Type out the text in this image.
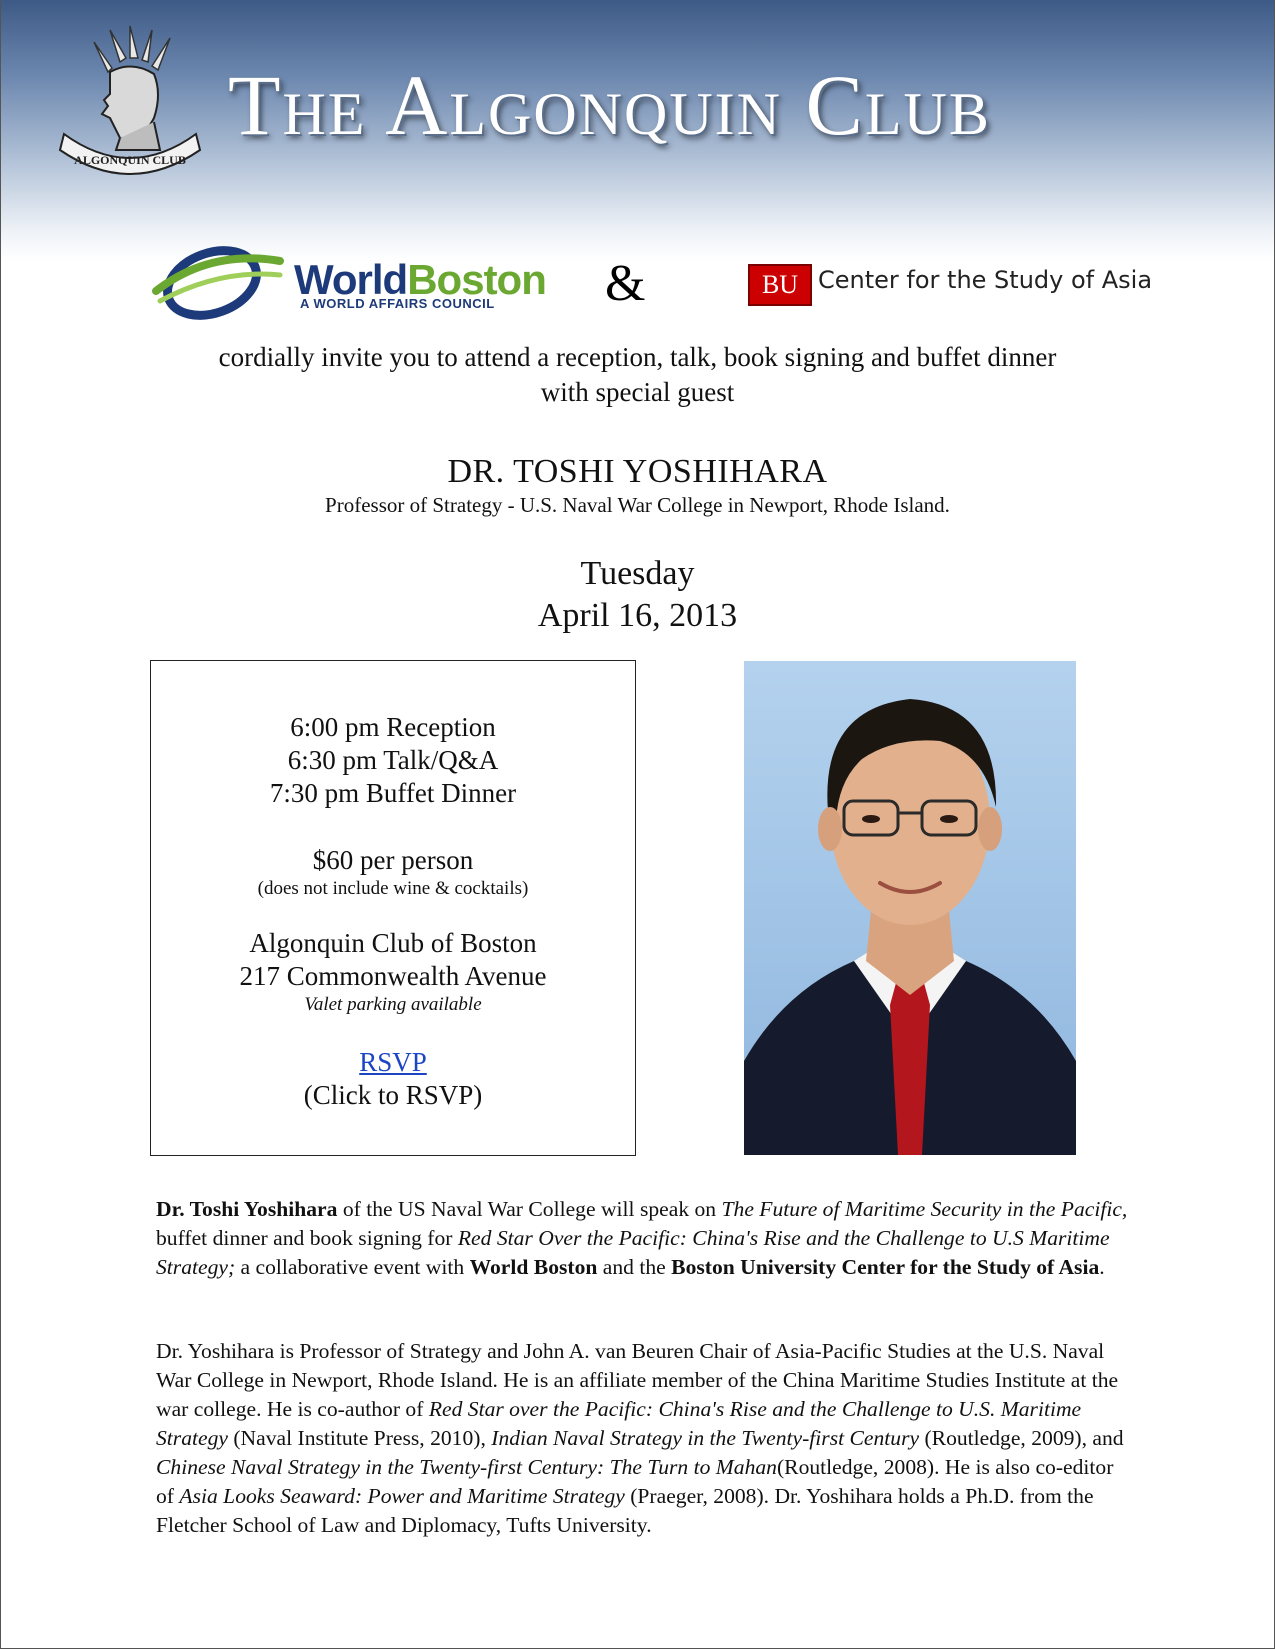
ALGONQUIN CLUB
The Algonquin Club
WorldBoston
A WORLD AFFAIRS COUNCIL &	BU Center for the Study of Asia
cordially invite you to attend a reception, talk, book signing and buffet dinner
with special guest
DR. TOSHI YOSHIHARA
Professor of Strategy - U.S. Naval War College in Newport, Rhode Island.
Tuesday
April 16, 2013
6:00 pm Reception
6:30 pm Talk/Q&A
7:30 pm Buffet Dinner
$60 per person
(does not include wine & cocktails)
Algonquin Club of Boston
217 Commonwealth Avenue
Valet parking available
RSVP
(Click to RSVP)
Dr. Toshi Yoshihara of the US Naval War College will speak on The Future of Maritime Security in the Pacific, buffet dinner and book signing for Red Star Over the Pacific: China's Rise and the Challenge to U.S Maritime Strategy; a collaborative event with World Boston and the Boston University Center for the Study of Asia.
Dr. Yoshihara is Professor of Strategy and John A. van Beuren Chair of Asia-Pacific Studies at the U.S. Naval War College in Newport, Rhode Island. He is an affiliate member of the China Maritime Studies Institute at the war college. He is co-author of Red Star over the Pacific: China's Rise and the Challenge to U.S. Maritime Strategy (Naval Institute Press, 2010), Indian Naval Strategy in the Twenty-first Century (Routledge, 2009), and Chinese Naval Strategy in the Twenty-first Century: The Turn to Mahan(Routledge, 2008). He is also co-editor of Asia Looks Seaward: Power and Maritime Strategy (Praeger, 2008). Dr. Yoshihara holds a Ph.D. from the Fletcher School of Law and Diplomacy, Tufts University.
